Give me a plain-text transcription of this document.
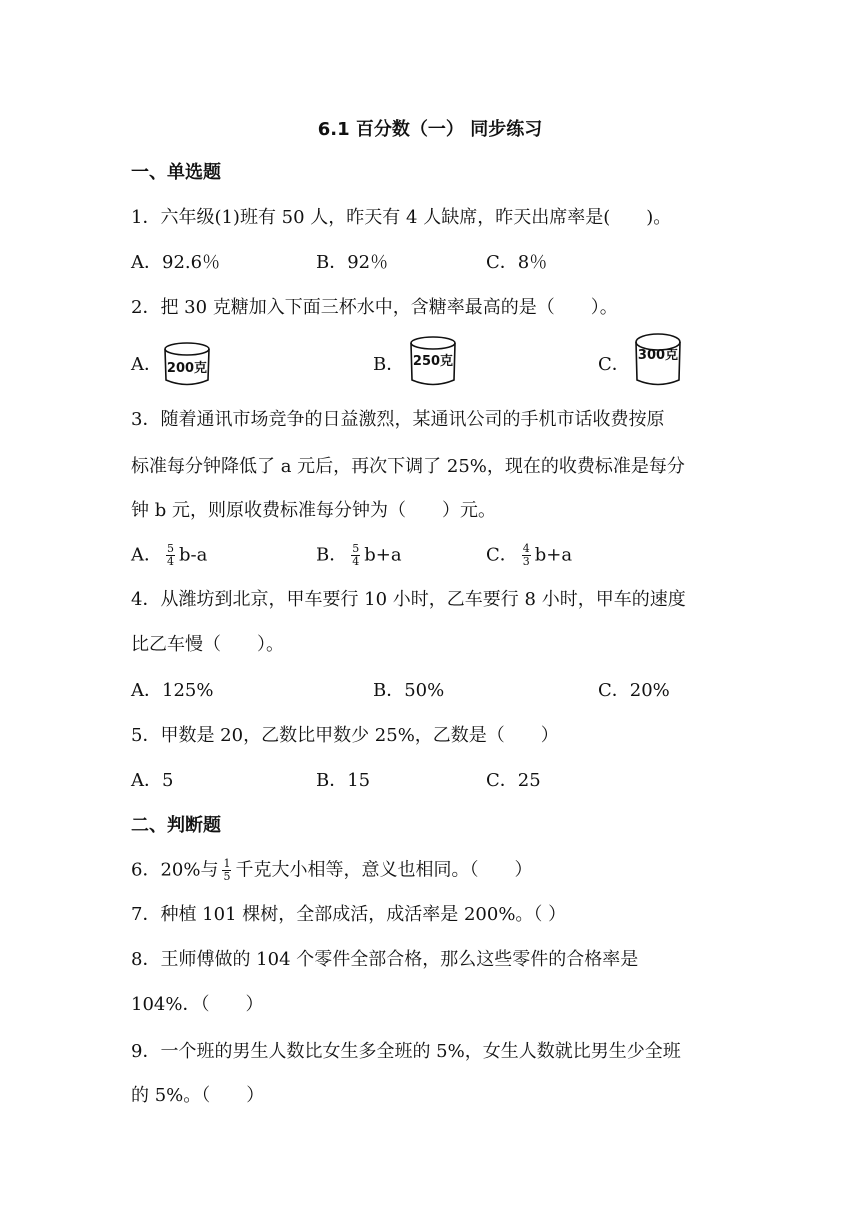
6.1 百分数（一） 同步练习
一、单选题
1．六年级(1)班有 50 人，昨天有 4 人缺席，昨天出席率是(　　)。
A．92.6％	B．92％	C．8％
2．把 30 克糖加入下面三杯水中，含糖率最高的是（　　）。
A．	B．	C．
200克	250克	300克
3．随着通讯市场竞争的日益激烈，某通讯公司的手机市话收费按原
标准每分钟降低了 a 元后，再次下调了 25%，现在的收费标准是每分
钟 b 元，则原收费标准每分钟为（　　）元。
A． $\frac{5}{4} b-a$	B． $\frac{5}{4} b+a$	C． $\frac{4}{3} b+a$
4．从潍坊到北京，甲车要行 10 小时，乙车要行 8 小时，甲车的速度
比乙车慢（　　）。
A．125%	B．50%	C．20%
5．甲数是 20，乙数比甲数少 25%，乙数是（　　）
A．5	B．15	C．25
二、判断题
6．20%与 $\frac{1}{5}$ 千克大小相等，意义也相同。（　　）
7．种植 101 棵树，全部成活，成活率是 200%。（ ）
8．王师傅做的 104 个零件全部合格，那么这些零件的合格率是
104%．（　　）
9．一个班的男生人数比女生多全班的 5%，女生人数就比男生少全班
的 5%。（　　）
